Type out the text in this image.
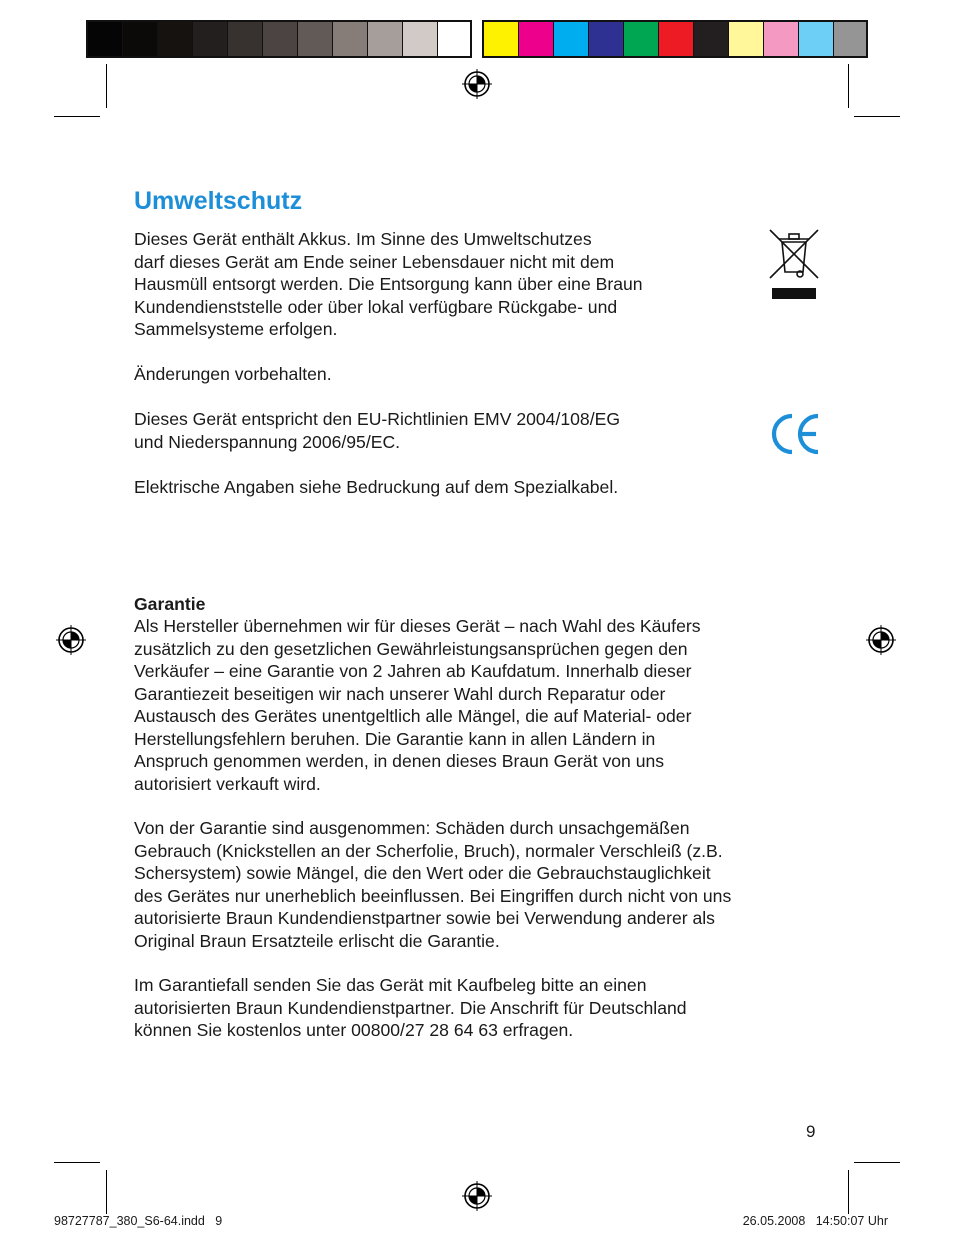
Umweltschutz

Dieses Gerät enthält Akkus. Im Sinne des Umweltschutzes
darf dieses Gerät am Ende seiner Lebensdauer nicht mit dem
Hausmüll entsorgt werden. Die Entsorgung kann über eine Braun
Kundendienststelle oder über lokal verfügbare Rückgabe- und
Sammelsysteme erfolgen.

Änderungen vorbehalten.

Dieses Gerät entspricht den EU-Richtlinien EMV 2004/108/EG
und Niederspannung 2006/95/EC.

Elektrische Angaben siehe Bedruckung auf dem Spezialkabel.

Garantie

Als Hersteller übernehmen wir für dieses Gerät – nach Wahl des Käufers
zusätzlich zu den gesetzlichen Gewährleistungsansprüchen gegen den
Verkäufer – eine Garantie von 2 Jahren ab Kaufdatum. Innerhalb dieser
Garantiezeit beseitigen wir nach unserer Wahl durch Reparatur oder
Austausch des Gerätes unentgeltlich alle Mängel, die auf Material- oder
Herstellungsfehlern beruhen. Die Garantie kann in allen Ländern in
Anspruch genommen werden, in denen dieses Braun Gerät von uns
autorisiert verkauft wird.

Von der Garantie sind ausgenommen: Schäden durch unsachgemäßen
Gebrauch (Knickstellen an der Scherfolie, Bruch), normaler Verschleiß (z.B.
Schersystem) sowie Mängel, die den Wert oder die Gebrauchstauglichkeit
des Gerätes nur unerheblich beeinflussen. Bei Eingriffen durch nicht von uns
autorisierte Braun Kundendienstpartner sowie bei Verwendung anderer als
Original Braun Ersatzteile erlischt die Garantie.

Im Garantiefall senden Sie das Gerät mit Kaufbeleg bitte an einen
autorisierten Braun Kundendienstpartner. Die Anschrift für Deutschland
können Sie kostenlos unter 00800/27 28 64 63 erfragen.

9
98727787_380_S6-64.indd   9	26.05.2008   14:50:07 Uhr
